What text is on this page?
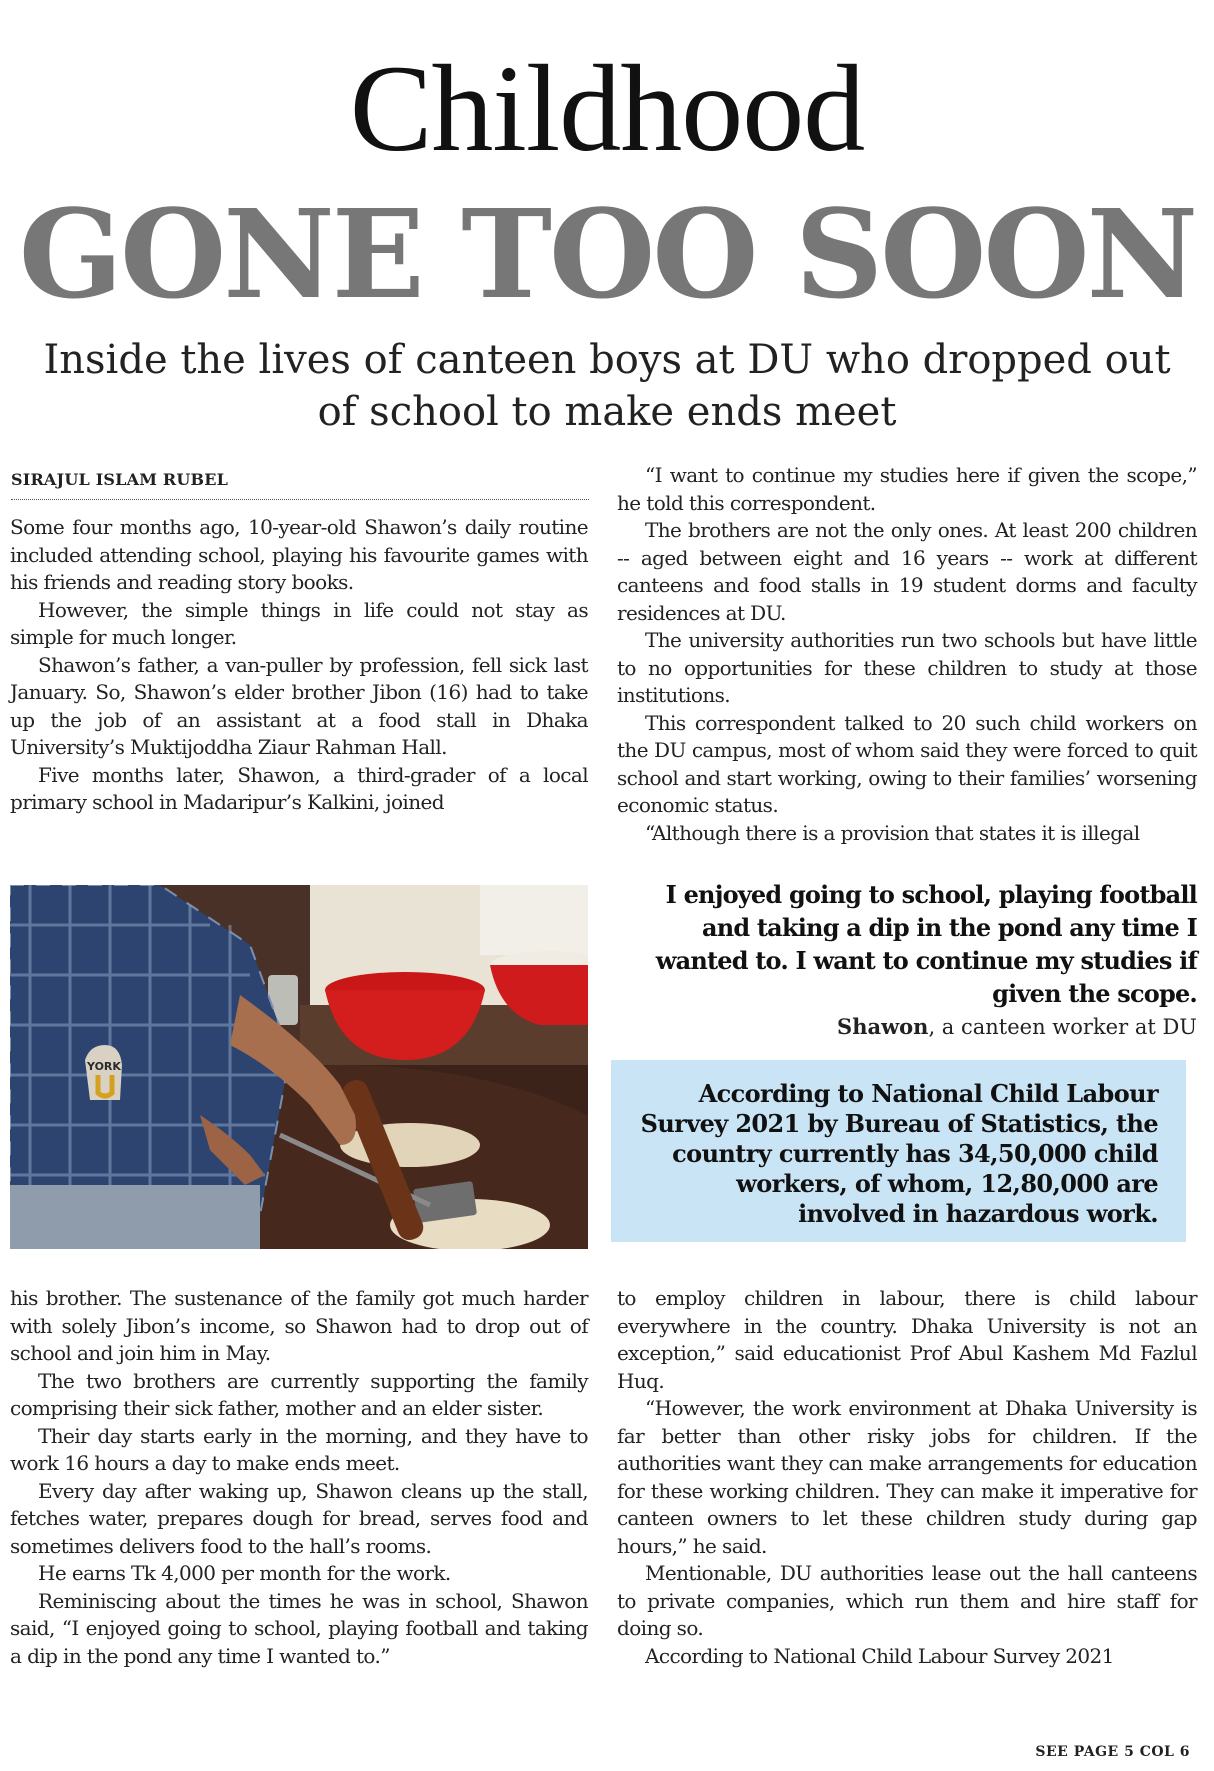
Childhood
GONE TOO SOON
Inside the lives of canteen boys at DU who dropped out of school to make ends meet
SIRAJUL ISLAM RUBEL

Some four months ago, 10-year-old Shawon’s daily routine included attending school, playing his favourite games with his friends and reading story books.

However, the simple things in life could not stay as simple for much longer.

Shawon’s father, a van-puller by profession, fell sick last January. So, Shawon’s elder brother Jibon (16) had to take up the job of an assistant at a food stall in Dhaka University’s Muktijoddha Ziaur Rahman Hall.

Five months later, Shawon, a third-grader of a local primary school in Madaripur’s Kalkini, joined

“I want to continue my studies here if given the scope,” he told this correspondent.

The brothers are not the only ones. At least 200 children -- aged between eight and 16 years -- work at different canteens and food stalls in 19 student dorms and faculty residences at DU.

The university authorities run two schools but have little to no opportunities for these children to study at those institutions.

This correspondent talked to 20 such child workers on the DU campus, most of whom said they were forced to quit school and start working, owing to their families’ worsening economic status.

“Although there is a provision that states it is illegal

YORK
I enjoyed going to school, playing football and taking a dip in the pond any time I wanted to. I want to continue my studies if given the scope.
Shawon, a canteen worker at DU
According to National Child Labour Survey 2021 by Bureau of Statistics, the country currently has 34,50,000 child workers, of whom, 12,80,000 are involved in hazardous work.

his brother. The sustenance of the family got much harder with solely Jibon’s income, so Shawon had to drop out of school and join him in May.

The two brothers are currently supporting the family comprising their sick father, mother and an elder sister.

Their day starts early in the morning, and they have to work 16 hours a day to make ends meet.

Every day after waking up, Shawon cleans up the stall, fetches water, prepares dough for bread, serves food and sometimes delivers food to the hall’s rooms.

He earns Tk 4,000 per month for the work.

Reminiscing about the times he was in school, Shawon said, “I enjoyed going to school, playing football and taking a dip in the pond any time I wanted to.”

to employ children in labour, there is child labour everywhere in the country. Dhaka University is not an exception,” said educationist Prof Abul Kashem Md Fazlul Huq.

“However, the work environment at Dhaka University is far better than other risky jobs for children. If the authorities want they can make arrangements for education for these working children. They can make it imperative for canteen owners to let these children study during gap hours,” he said.

Mentionable, DU authorities lease out the hall canteens to private companies, which run them and hire staff for doing so.

According to National Child Labour Survey 2021

SEE PAGE 5 COL 6
